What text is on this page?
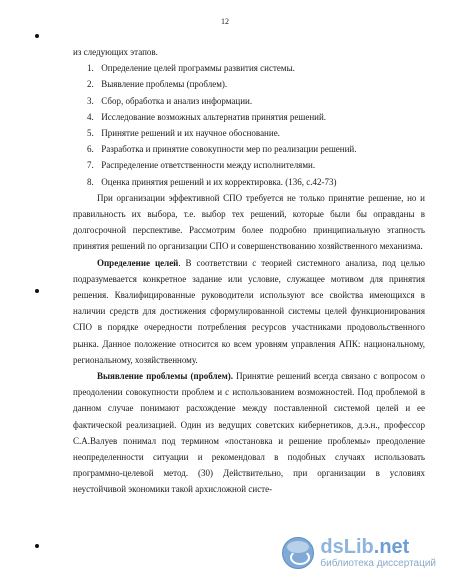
12

из следующих этапов.

1. Определение целей программы развития системы.
2. Выявление проблемы (проблем).
3. Сбор, обработка и анализ информации.
4. Исследование возможных альтернатив принятия решений.
5. Принятие решений и их научное обоснование.
6. Разработка и принятие совокупности мер по реализации решений.
7. Распределение ответственности между исполнителями.
8. Оценка принятия решений и их корректировка. (136, с.42-73)

При организации эффективной СПО требуется не только принятие решение, но и правильность их выбора, т.е. выбор тех решений, которые были бы оправданы в долгосрочной перспективе. Рассмотрим более подробно принципиальную этапность принятия решений по организации СПО и совершенствованию хозяйственного механизма.

Определение целей. В соответствии с теорией системного анализа, под целью подразумевается конкретное задание или условие, служащее мотивом для принятия решения. Квалифицированные руководители используют все свойства имеющихся в наличии средств для достижения сформулированной системы целей функционирования СПО в порядке очередности потребления ресурсов участниками продовольственного рынка. Данное положение относится ко всем уровням управления АПК: национальному, региональному, хозяйственному.

Выявление проблемы (проблем). Принятие решений всегда связано с вопросом о преодолении совокупности проблем и с использованием возможностей. Под проблемой в данном случае понимают расхождение между поставленной системой целей и ее фактической реализацией. Один из ведущих советских кибернетиков, д.э.н., профессор С.А.Валуев понимал под термином «постановка и решение проблемы» преодоление неопределенности ситуации и рекомендовал в подобных случаях использовать программно-целевой метод. (30) Действительно, при организации в условиях неустойчивой экономики такой архисложной систе-

dsLib.net
библиотека диссертаций
